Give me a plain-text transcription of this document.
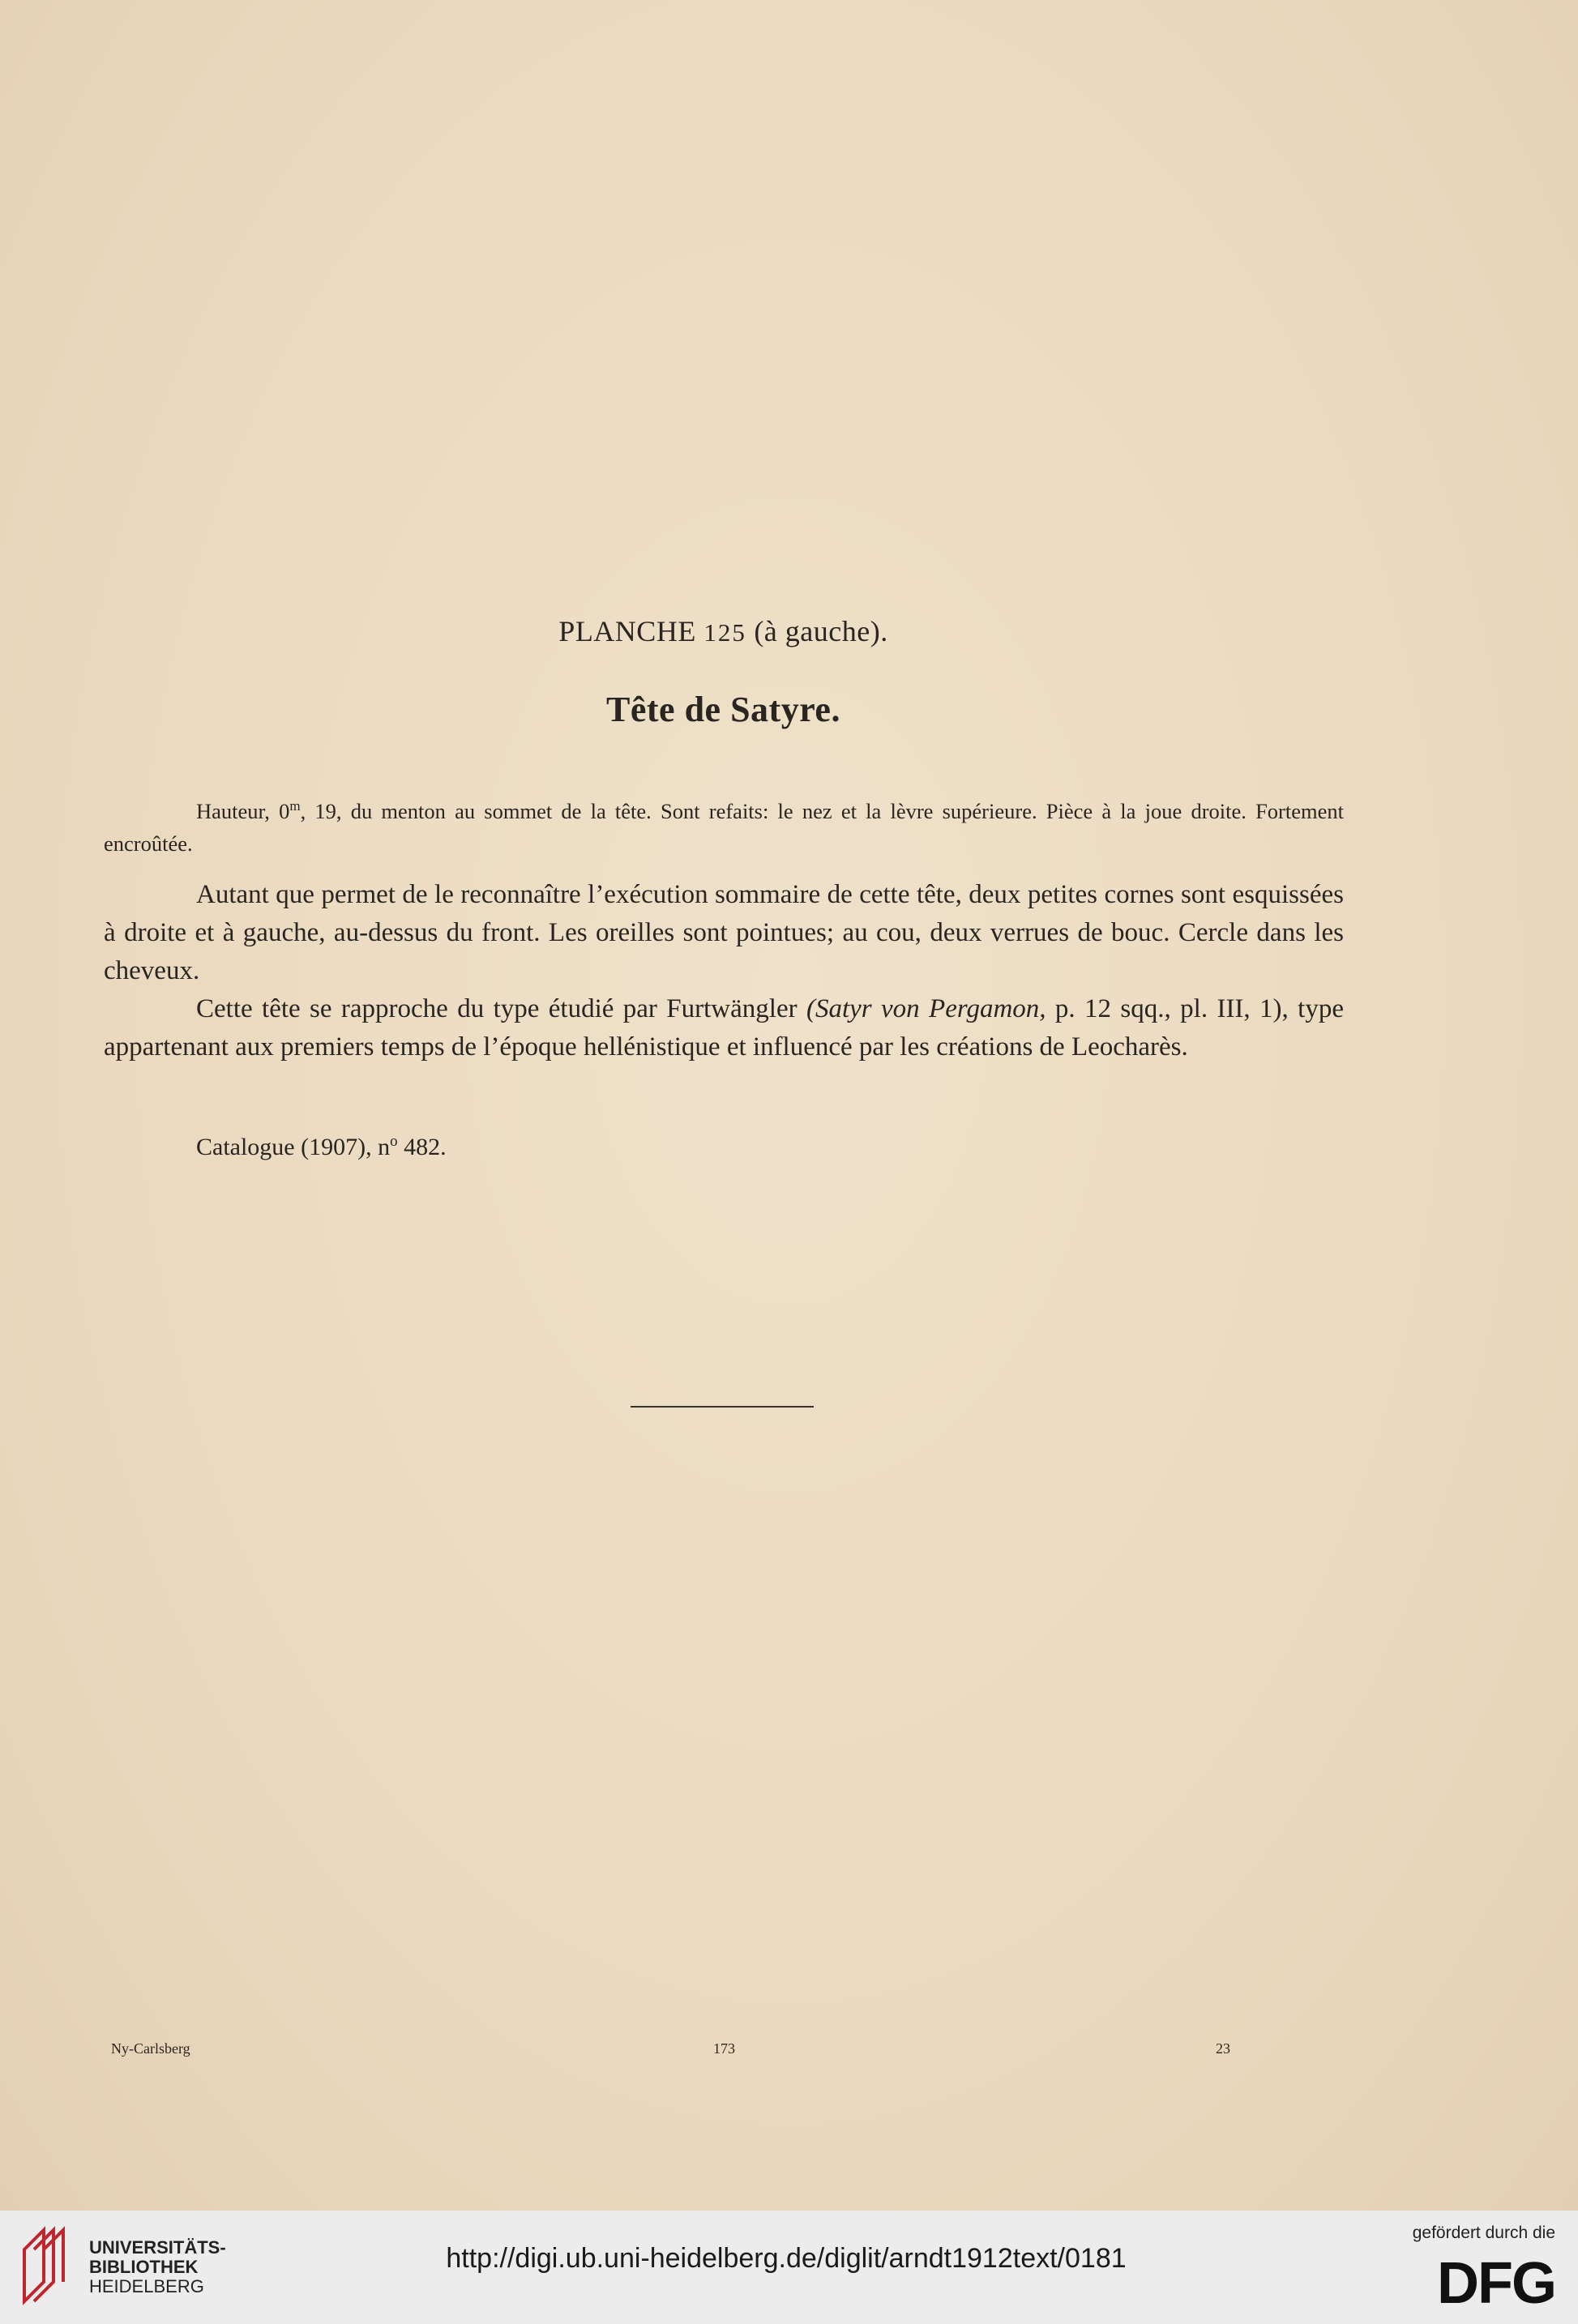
PLANCHE 125 (à gauche).
Tête de Satyre.

Hauteur, 0$^m$, 19, du menton au sommet de la tête. Sont refaits: le nez et la lèvre supérieure. Pièce à la joue droite. Fortement encroûtée.

Autant que permet de le reconnaître l’exécution sommaire de cette tête, deux petites cornes sont esquissées à droite et à gauche, au-dessus du front. Les oreilles sont pointues; au cou, deux verrues de bouc. Cercle dans les cheveux.

Cette tête se rapproche du type étudié par Furtwängler (Satyr von Pergamon, p. 12 sqq., pl. III, 1), type appartenant aux premiers temps de l’époque hellénistique et influencé par les créations de Leocharès.

Catalogue (1907), $n^o$ 482.
Ny-Carlsberg	173	23
UNIVERSITÄTS-
BIBLIOTHEK
HEIDELBERG
http://digi.ub.uni-heidelberg.de/diglit/arndt1912text/0181
gefördert durch die
DFG
